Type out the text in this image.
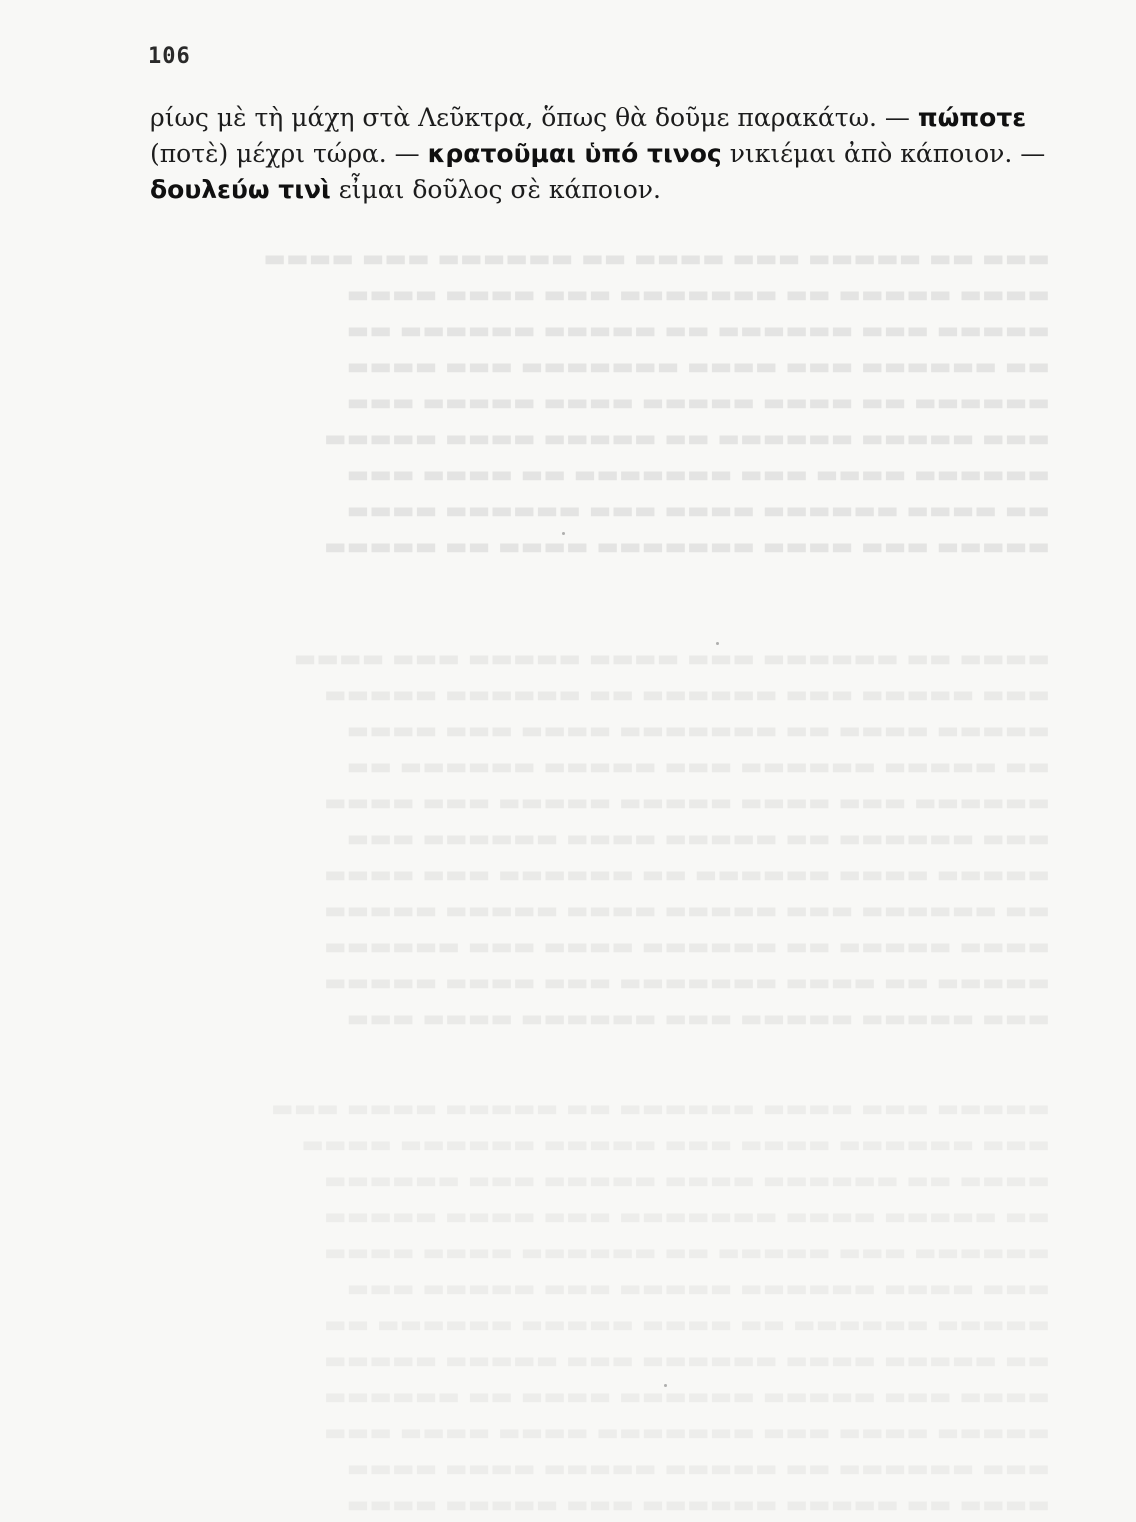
▬▬▬ ▬▬ ▬▬▬▬▬ ▬▬▬ ▬▬▬▬ ▬▬ ▬▬▬▬▬▬ ▬▬▬ ▬▬▬▬
▬▬▬▬ ▬▬▬▬▬ ▬▬ ▬▬▬▬▬▬▬ ▬▬▬ ▬▬▬▬ ▬▬▬▬
▬▬▬▬▬ ▬▬▬ ▬▬▬▬▬▬ ▬▬ ▬▬▬▬▬ ▬▬▬▬▬▬ ▬▬
▬▬ ▬▬▬▬▬▬ ▬▬▬ ▬▬▬▬ ▬▬▬▬▬▬▬ ▬▬▬ ▬▬▬▬
▬▬▬▬▬▬ ▬▬ ▬▬▬▬ ▬▬▬▬▬ ▬▬▬▬ ▬▬▬▬▬ ▬▬▬
▬▬▬ ▬▬▬▬▬ ▬▬▬▬▬▬ ▬▬ ▬▬▬▬▬ ▬▬▬▬ ▬▬▬▬▬
▬▬▬▬▬▬ ▬▬▬▬ ▬▬▬ ▬▬▬▬▬▬▬ ▬▬ ▬▬▬▬ ▬▬▬
▬▬ ▬▬▬▬ ▬▬▬▬▬▬ ▬▬▬▬ ▬▬▬ ▬▬▬▬▬▬ ▬▬▬▬
▬▬▬▬▬ ▬▬▬ ▬▬▬▬ ▬▬▬▬▬▬▬ ▬▬▬▬ ▬▬ ▬▬▬▬▬
▬▬▬▬ ▬▬ ▬▬▬▬▬▬ ▬▬▬ ▬▬▬▬ ▬▬▬▬▬ ▬▬▬ ▬▬▬▬
▬▬▬ ▬▬▬▬▬ ▬▬▬ ▬▬▬▬▬▬ ▬▬ ▬▬▬▬▬▬ ▬▬▬▬▬
▬▬▬▬▬ ▬▬▬▬ ▬▬ ▬▬▬▬▬▬▬ ▬▬▬▬ ▬▬▬ ▬▬▬▬
▬▬ ▬▬▬▬▬ ▬▬▬▬▬▬ ▬▬▬ ▬▬▬▬▬ ▬▬▬▬▬▬ ▬▬
▬▬▬▬▬▬ ▬▬▬ ▬▬▬▬ ▬▬▬▬▬ ▬▬▬▬▬ ▬▬▬ ▬▬▬▬
▬▬▬ ▬▬▬▬▬▬ ▬▬ ▬▬▬▬▬ ▬▬▬▬ ▬▬▬▬▬▬ ▬▬▬
▬▬▬▬▬ ▬▬▬▬ ▬▬▬▬▬▬ ▬▬ ▬▬▬▬▬▬ ▬▬▬ ▬▬▬▬
▬▬ ▬▬▬▬▬▬ ▬▬▬ ▬▬▬▬▬ ▬▬▬▬ ▬▬▬▬▬ ▬▬▬▬▬
▬▬▬▬ ▬▬▬▬▬ ▬▬ ▬▬▬▬▬▬ ▬▬▬▬ ▬▬▬ ▬▬▬▬▬▬
▬▬▬▬▬ ▬▬ ▬▬▬▬ ▬▬▬▬▬▬▬ ▬▬▬ ▬▬▬▬ ▬▬▬▬▬
▬▬▬ ▬▬▬▬▬ ▬▬▬▬▬ ▬▬▬ ▬▬▬▬▬▬ ▬▬▬▬ ▬▬▬
▬▬▬▬▬ ▬▬▬ ▬▬▬▬ ▬▬▬▬▬▬ ▬▬ ▬▬▬▬▬ ▬▬▬▬ ▬▬▬
▬▬▬ ▬▬▬▬▬▬ ▬▬▬▬ ▬▬▬ ▬▬▬▬▬ ▬▬▬▬▬▬ ▬▬▬▬
▬▬▬▬ ▬▬ ▬▬▬▬▬▬ ▬▬▬▬ ▬▬▬▬▬ ▬▬▬ ▬▬▬▬▬▬
▬▬ ▬▬▬▬▬ ▬▬▬▬ ▬▬▬▬▬▬▬ ▬▬▬ ▬▬▬▬ ▬▬▬▬▬
▬▬▬▬▬▬ ▬▬▬ ▬▬▬▬▬ ▬▬ ▬▬▬▬▬▬ ▬▬▬▬ ▬▬▬▬
▬▬▬ ▬▬▬▬ ▬▬▬▬▬▬ ▬▬▬▬▬ ▬▬▬ ▬▬▬▬▬ ▬▬▬
▬▬▬▬▬ ▬▬▬▬▬▬ ▬▬ ▬▬▬▬ ▬▬▬▬▬ ▬▬▬▬▬▬ ▬▬
▬▬ ▬▬▬▬▬ ▬▬▬▬ ▬▬▬▬▬▬ ▬▬▬ ▬▬▬▬▬ ▬▬▬▬▬
▬▬▬▬ ▬▬▬ ▬▬▬▬▬ ▬▬▬▬▬▬ ▬▬▬▬ ▬▬ ▬▬▬▬▬▬
▬▬▬▬▬ ▬▬▬▬ ▬▬▬ ▬▬▬▬▬▬▬ ▬▬▬▬ ▬▬▬▬ ▬▬▬
▬▬▬ ▬▬▬▬▬▬ ▬▬ ▬▬▬▬▬ ▬▬▬▬▬ ▬▬▬▬ ▬▬▬▬
▬▬▬▬ ▬▬ ▬▬▬▬▬ ▬▬▬▬▬▬ ▬▬▬ ▬▬▬▬▬ ▬▬▬▬
106
ρίως μὲ τὴ μάχη στὰ Λεῦκτρα, ὅπως θὰ δοῦμε παρακάτω. — πώποτε
(ποτὲ) μέχρι τώρα. — κρατοῦμαι ὑπό τινος νικιέμαι ἀπὸ κάποιον. —
δουλεύω τινὶ εἶμαι δοῦλος σὲ κάποιον.
